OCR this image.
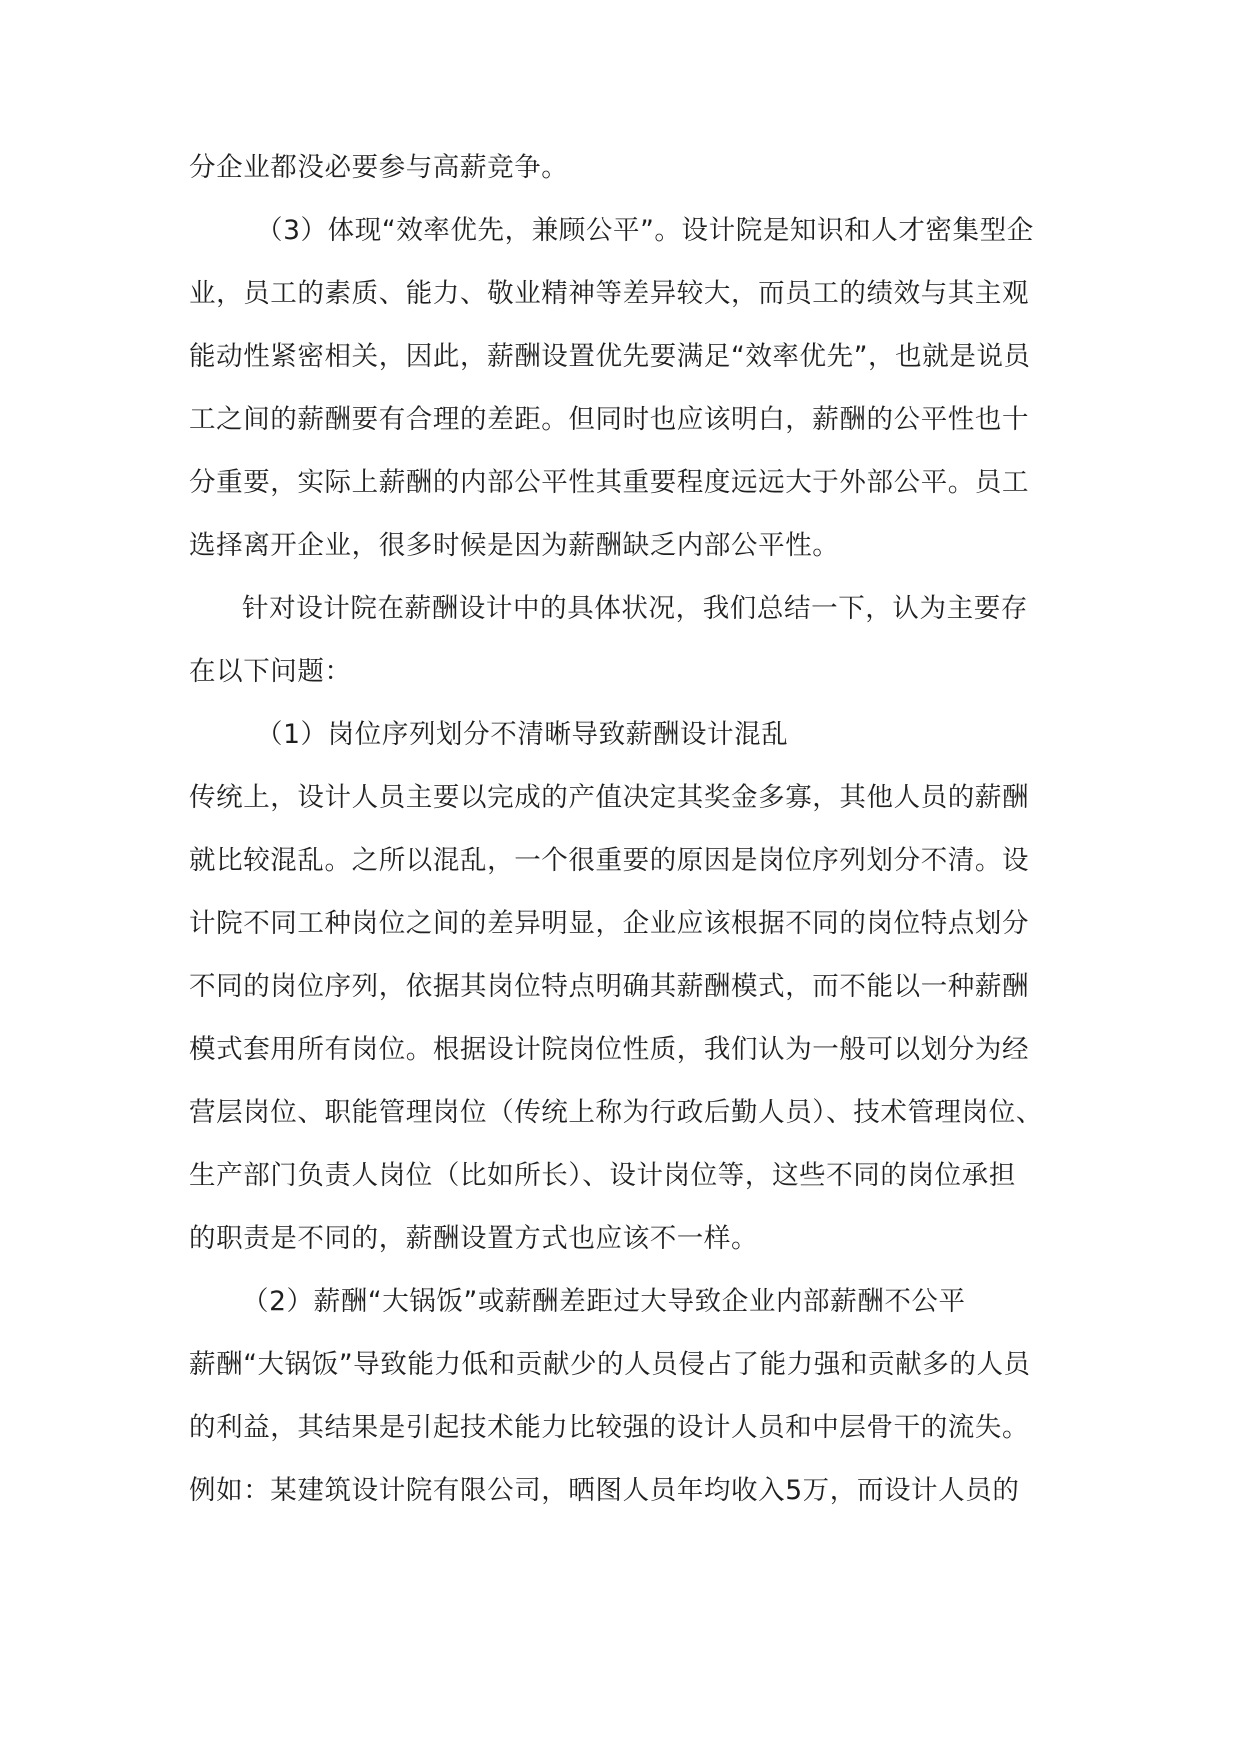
分企业都没必要参与高薪竞争。
（3）体现“效率优先，兼顾公平”。设计院是知识和人才密集型企
业，员工的素质、能力、敬业精神等差异较大，而员工的绩效与其主观
能动性紧密相关，因此，薪酬设置优先要满足“效率优先”，也就是说员
工之间的薪酬要有合理的差距。但同时也应该明白，薪酬的公平性也十
分重要，实际上薪酬的内部公平性其重要程度远远大于外部公平。员工
选择离开企业，很多时候是因为薪酬缺乏内部公平性。
针对设计院在薪酬设计中的具体状况，我们总结一下，认为主要存
在以下问题：
（1）岗位序列划分不清晰导致薪酬设计混乱
传统上，设计人员主要以完成的产值决定其奖金多寡，其他人员的薪酬
就比较混乱。之所以混乱，一个很重要的原因是岗位序列划分不清。设
计院不同工种岗位之间的差异明显，企业应该根据不同的岗位特点划分
不同的岗位序列，依据其岗位特点明确其薪酬模式，而不能以一种薪酬
模式套用所有岗位。根据设计院岗位性质，我们认为一般可以划分为经
营层岗位、职能管理岗位（传统上称为行政后勤人员）、技术管理岗位、
生产部门负责人岗位（比如所长）、设计岗位等，这些不同的岗位承担
的职责是不同的，薪酬设置方式也应该不一样。
（2）薪酬“大锅饭”或薪酬差距过大导致企业内部薪酬不公平
薪酬“大锅饭”导致能力低和贡献少的人员侵占了能力强和贡献多的人员
的利益，其结果是引起技术能力比较强的设计人员和中层骨干的流失。
例如：某建筑设计院有限公司，晒图人员年均收入5万，而设计人员的
